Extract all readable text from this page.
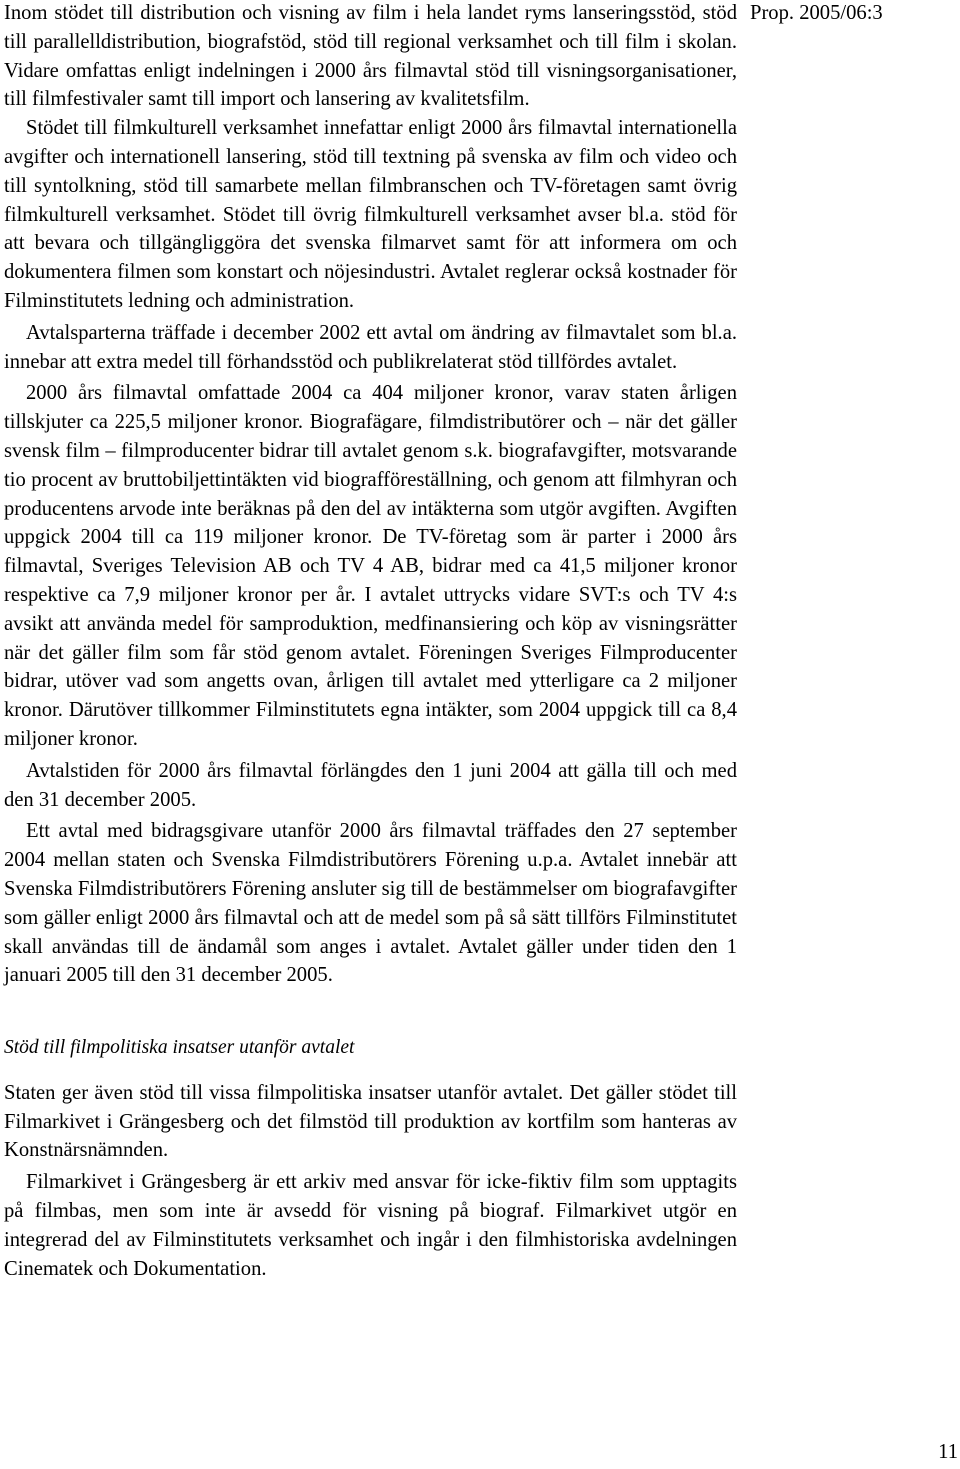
Prop. 2005/06:3

Inom stödet till distribution och visning av film i hela landet ryms lanseringsstöd, stöd till parallelldistribution, biografstöd, stöd till regional verksamhet och till film i skolan. Vidare omfattas enligt indelningen i 2000 års filmavtal stöd till visningsorganisationer, till filmfestivaler samt till import och lansering av kvalitetsfilm.

Stödet till filmkulturell verksamhet innefattar enligt 2000 års filmavtal internationella avgifter och internationell lansering, stöd till textning på svenska av film och video och till syntolkning, stöd till samarbete mellan filmbranschen och TV-företagen samt övrig filmkulturell verksamhet. Stödet till övrig filmkulturell verksamhet avser bl.a. stöd för att bevara och tillgängliggöra det svenska filmarvet samt för att informera om och dokumentera filmen som konstart och nöjesindustri. Avtalet reglerar också kostnader för Filminstitutets ledning och administration.

Avtalsparterna träffade i december 2002 ett avtal om ändring av filmavtalet som bl.a. innebar att extra medel till förhandsstöd och publikrelaterat stöd tillfördes avtalet.

2000 års filmavtal omfattade 2004 ca 404 miljoner kronor, varav staten årligen tillskjuter ca 225,5 miljoner kronor. Biografägare, filmdistributörer och – när det gäller svensk film – filmproducenter bidrar till avtalet genom s.k. biografavgifter, motsvarande tio procent av bruttobiljettintäkten vid biografföreställning, och genom att filmhyran och producentens arvode inte beräknas på den del av intäkterna som utgör avgiften. Avgiften uppgick 2004 till ca 119 miljoner kronor. De TV-företag som är parter i 2000 års filmavtal, Sveriges Television AB och TV 4 AB, bidrar med ca 41,5 miljoner kronor respektive ca 7,9 miljoner kronor per år. I avtalet uttrycks vidare SVT:s och TV 4:s avsikt att använda medel för samproduktion, medfinansiering och köp av visningsrätter när det gäller film som får stöd genom avtalet. Föreningen Sveriges Filmproducenter bidrar, utöver vad som angetts ovan, årligen till avtalet med ytterligare ca 2 miljoner kronor. Därutöver tillkommer Filminstitutets egna intäkter, som 2004 uppgick till ca 8,4 miljoner kronor.

Avtalstiden för 2000 års filmavtal förlängdes den 1 juni 2004 att gälla till och med den 31 december 2005.

Ett avtal med bidragsgivare utanför 2000 års filmavtal träffades den 27 september 2004 mellan staten och Svenska Filmdistributörers Förening u.p.a. Avtalet innebär att Svenska Filmdistributörers Förening ansluter sig till de bestämmelser om biografavgifter som gäller enligt 2000 års filmavtal och att de medel som på så sätt tillförs Filminstitutet skall användas till de ändamål som anges i avtalet. Avtalet gäller under tiden den 1 januari 2005 till den 31 december 2005.

Stöd till filmpolitiska insatser utanför avtalet

Staten ger även stöd till vissa filmpolitiska insatser utanför avtalet. Det gäller stödet till Filmarkivet i Grängesberg och det filmstöd till produktion av kortfilm som hanteras av Konstnärsnämnden.

Filmarkivet i Grängesberg är ett arkiv med ansvar för icke-fiktiv film som upptagits på filmbas, men som inte är avsedd för visning på biograf. Filmarkivet utgör en integrerad del av Filminstitutets verksamhet och ingår i den filmhistoriska avdelningen Cinematek och Dokumentation.

11
